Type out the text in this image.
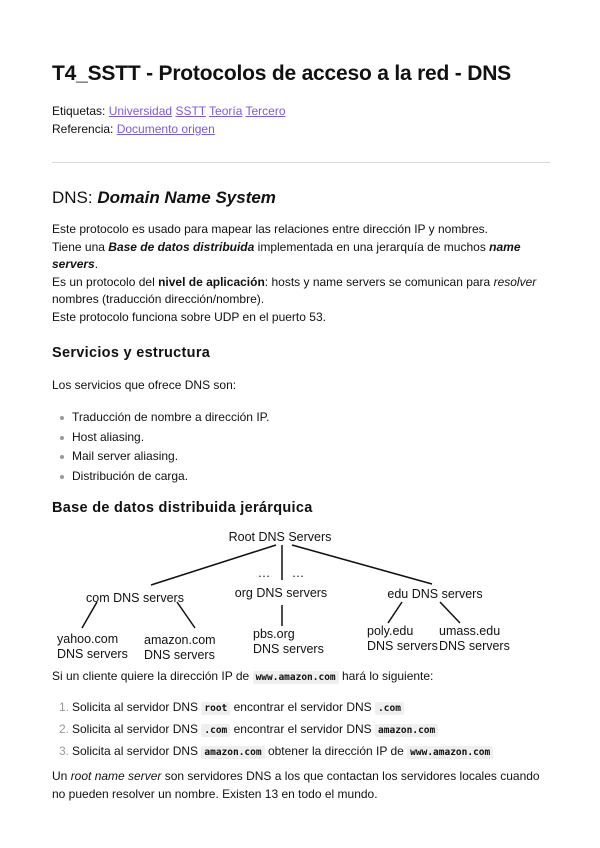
T4_SSTT - Protocolos de acceso a la red - DNS
Etiquetas: Universidad SSTT Teoría Tercero
Referencia: Documento origen
DNS: Domain Name System
Este protocolo es usado para mapear las relaciones entre dirección IP y nombres.
Tiene una Base de datos distribuida implementada en una jerarquía de muchos name servers.
Es un protocolo del nivel de aplicación: hosts y name servers se comunican para resolver nombres (traducción dirección/nombre).
Este protocolo funciona sobre UDP en el puerto 53.
Servicios y estructura
Los servicios que ofrece DNS son:
Traducción de nombre a dirección IP.
Host aliasing.
Mail server aliasing.
Distribución de carga.
Base de datos distribuida jerárquica
Root DNS Servers
… …
com DNS servers	org DNS servers	edu DNS servers
yahoo.com
DNS servers
amazon.com
DNS servers
pbs.org
DNS servers
poly.edu
DNS servers
umass.edu
DNS servers
Si un cliente quiere la dirección IP de www.amazon.com hará lo siguiente:
1. Solicita al servidor DNS root encontrar el servidor DNS .com
2. Solicita al servidor DNS .com encontrar el servidor DNS amazon.com
3. Solicita al servidor DNS amazon.com obtener la dirección IP de www.amazon.com
Un root name server son servidores DNS a los que contactan los servidores locales cuando no pueden resolver un nombre. Existen 13 en todo el mundo.
